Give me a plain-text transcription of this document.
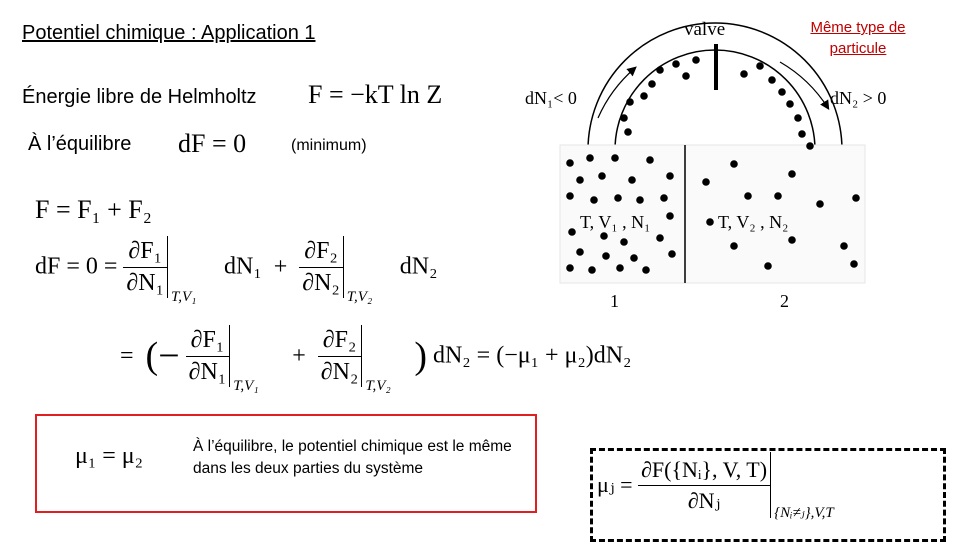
Potentiel chimique : Application 1	Même type de particule
Énergie libre de Helmholtz F = −kT ln Z
À l’équilibre dF = 0	(minimum)
F = F₁ + F₂
dF = $0 = \frac{\text{∂F₁}}{\text{∂N₁}}$
T,V₁
$dN_1 + \frac{\text{∂F₂}}{\text{∂N₂}}$
T,V₂
dN₂
= (− $\frac{\text{∂F₁}}{\text{∂N₁}}$
T,V₁
+ $\frac{\text{∂F₂}}{\text{∂N₂}}$
T,V₂
) dN₂ = (−μ₁ + μ₂)dN₂
μ₁ = μ₂	À l’équilibre, le potentiel chimique est le même dans les deux parties du système
μⱼ = $\frac{\text{∂F(\{Nᵢ\}, V, T)}}{\text{∂Nⱼ}}$ {Nᵢ≠ⱼ},V,T
valve
dN₁< 0	dN₂ > 0
T, V₁ , N₁	T, V₂ , N₂
1	2
